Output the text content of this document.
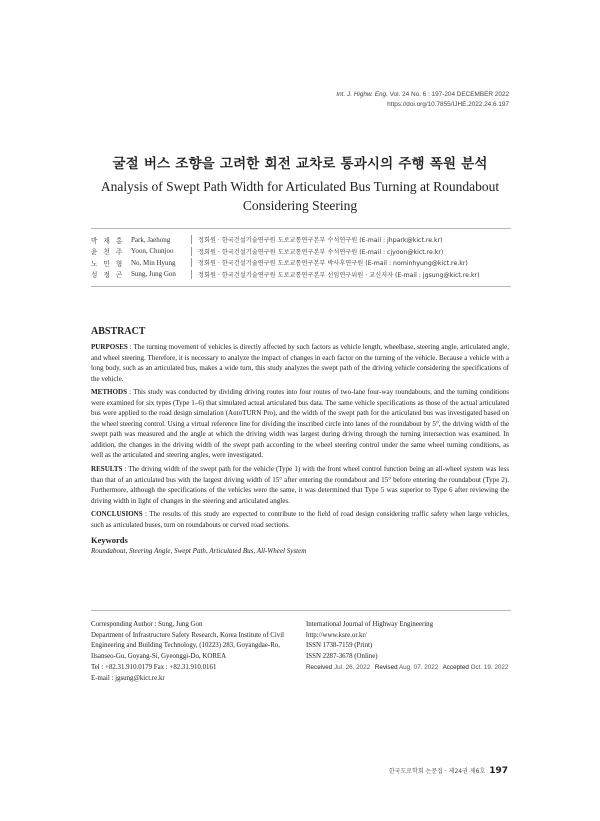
Int. J. Highw. Eng. Vol. 24 No. 6 : 197-204 DECEMBER 2022
https://doi.org/10.7855/IJHE.2022.24.6.197
굴절 버스 조향을 고려한 회전 교차로 통과시의 주행 폭원 분석
Analysis of Swept Path Width for Articulated Bus Turning at Roundabout Considering Steering
박 재 홍 Park, Jaehong	정회원 · 한국건설기술연구원 도로교통연구본부 수석연구원 (E-mail : jhpark@kict.re.kr)
윤 천 주 Yoon, Chunjoo	정회원 · 한국건설기술연구원 도로교통연구본부 수석연구원 (E-mail : cjyoon@kict.re.kr)
노 민 형 No, Min Hyung	정회원 · 한국건설기술연구원 도로교통연구본부 박사후연구원 (E-mail : nominhyung@kict.re.kr)
성 정 곤 Sung, Jung Gon	정회원 · 한국건설기술연구원 도로교통연구본부 선임연구위원 · 교신저자 (E-mail : jgsung@kict.re.kr)
ABSTRACT

PURPOSES : The turning movement of vehicles is directly affected by such factors as vehicle length, wheelbase, steering angle, articulated angle, and wheel steering. Therefore, it is necessary to analyze the impact of changes in each factor on the turning of the vehicle. Because a vehicle with a long body, such as an articulated bus, makes a wide turn, this study analyzes the swept path of the driving vehicle considering the specifications of the vehicle.

METHODS : This study was conducted by dividing driving routes into four routes of two-lane four-way roundabouts, and the turning conditions were examined for six types (Type 1–6) that simulated actual articulated bus data. The same vehicle specifications as those of the actual articulated bus were applied to the road design simulation (AutoTURN Pro), and the width of the swept path for the articulated bus was investigated based on the wheel steering control. Using a virtual reference line for dividing the inscribed circle into lanes of the roundabout by 5°, the driving width of the swept path was measured and the angle at which the driving width was largest during driving through the turning intersection was examined. In addition, the changes in the driving width of the swept path according to the wheel steering control under the same wheel turning conditions, as well as the articulated and steering angles, were investigated.

RESULTS : The driving width of the swept path for the vehicle (Type 1) with the front wheel control function being an all-wheel system was less than that of an articulated bus with the largest driving width of 15° after entering the roundabout and 15° before entering the roundabout (Type 2). Furthermore, although the specifications of the vehicles were the same, it was determined that Type 5 was superior to Type 6 after reviewing the driving width in light of changes in the steering and articulated angles.

CONCLUSIONS : The results of this study are expected to contribute to the field of road design considering traffic safety when large vehicles, such as articulated buses, turn on roundabouts or curved road sections.

Keywords
Roundabout, Steering Angle, Swept Path, Articulated Bus, All-Wheel System
Corresponding Author : Sung, Jung Gon
Department of Infrastructure Safety Research, Korea Institute of Civil
Engineering and Building Technology, (10223) 283, Goyangdae-Ro,
Ilsanseo-Gu, Goyang-Si, Gyeonggi-Do, KOREA
Tel : +82.31.910.0179 Fax : +82.31.910.0161
E-mail : jgsung@kict.re.kr
International Journal of Highway Engineering
http://www.ksre.or.kr/
ISSN 1738-7159 (Print)
ISSN 2287-3678 (Online)
Received Jul. 26. 2022 Revised Aug. 07. 2022 Accepted Oct. 19. 2022
한국도로학회 논문집 · 제24권 제6호 197
